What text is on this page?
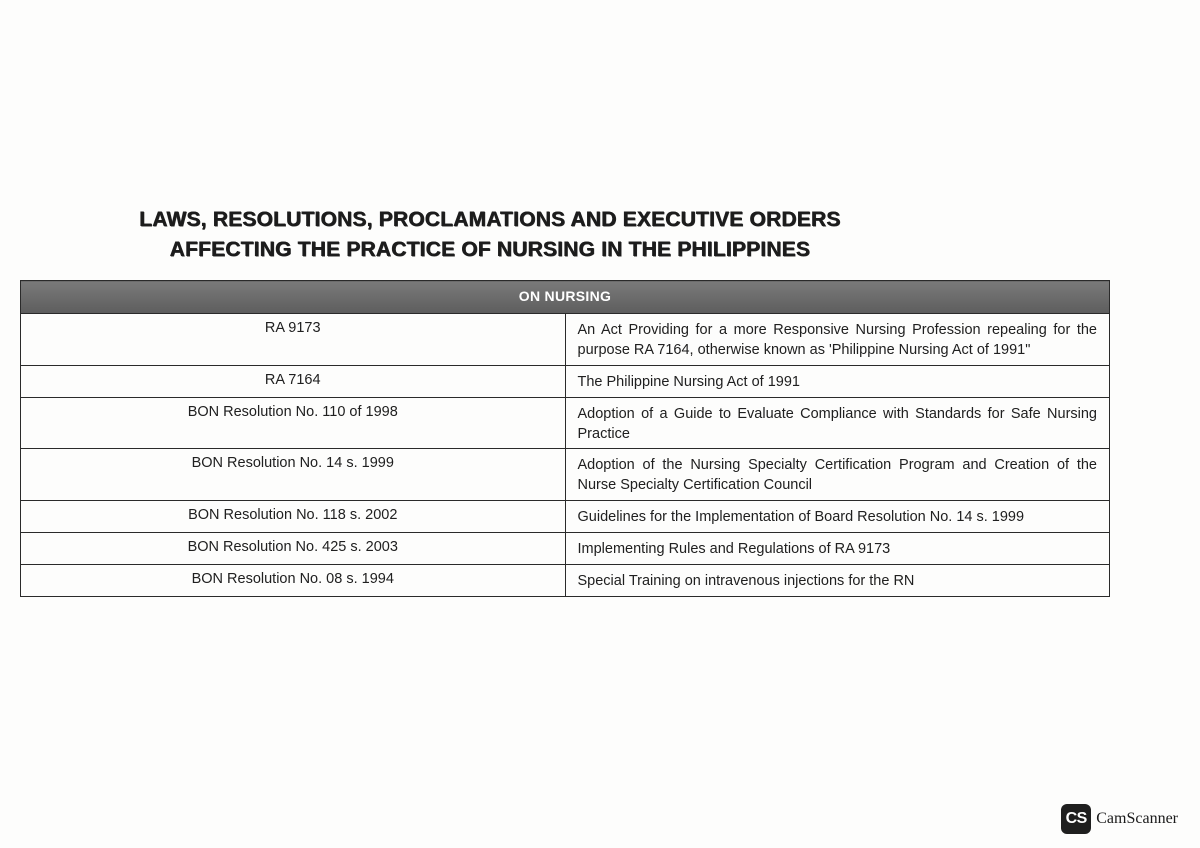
LAWS, RESOLUTIONS, PROCLAMATIONS AND EXECUTIVE ORDERS
AFFECTING THE PRACTICE OF NURSING IN THE PHILIPPINES
ON NURSING	
RA 9173	An Act Providing for a more Responsive Nursing Profession repealing for the purpose RA 7164, otherwise known as 'Philippine Nursing Act of 1991"
RA 7164	The Philippine Nursing Act of 1991
BON Resolution No. 110 of 1998	Adoption of a Guide to Evaluate Compliance with Standards for Safe Nursing Practice
BON Resolution No. 14 s. 1999	Adoption of the Nursing Specialty Certification Program and Creation of the Nurse Specialty Certification Council
BON Resolution No. 118 s. 2002	Guidelines for the Implementation of Board Resolution No. 14 s. 1999
BON Resolution No. 425 s. 2003	Implementing Rules and Regulations of RA 9173
BON Resolution No. 08 s. 1994	Special Training on intravenous injections for the RN
CS CamScanner
